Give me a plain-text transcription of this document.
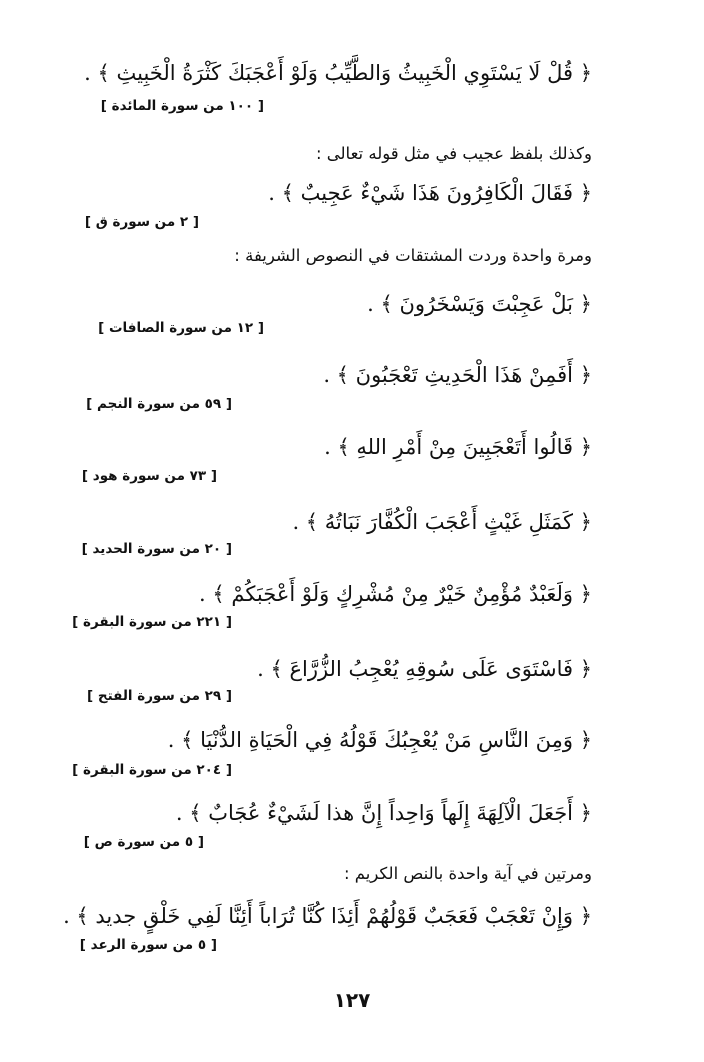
﴿ قُلْ لَا يَسْتَوِي الْخَبِيثُ وَالطَّيِّبُ وَلَوْ أَعْجَبَكَ كَثْرَةُ الْخَبِيثِ ﴾ .
[ ١٠٠ من سورة المائدة ]
وكذلك بلفظ عجيب في مثل قوله تعالى :
﴿ فَقَالَ الْكَافِرُونَ هَذَا شَيْءٌ عَجِيبٌ ﴾ .
[ ٢ من سورة ق ]
ومرة واحدة وردت المشتقات في النصوص الشريفة :
﴿ بَلْ عَجِبْتَ وَيَسْخَرُونَ ﴾ .
[ ١٢ من سورة الصافات ]
﴿ أَفَمِنْ هَذَا الْحَدِيثِ تَعْجَبُونَ ﴾ .
[ ٥٩ من سورة النجم ]
﴿ قَالُوا أَتَعْجَبِينَ مِنْ أَمْرِ اللهِ ﴾ .
[ ٧٣ من سورة هود ]
﴿ كَمَثَلِ غَيْثٍ أَعْجَبَ الْكُفَّارَ نَبَاتُهُ ﴾ .
[ ٢٠ من سورة الحديد ]
﴿ وَلَعَبْدٌ مُؤْمِنٌ خَيْرٌ مِنْ مُشْرِكٍ وَلَوْ أَعْجَبَكُمْ ﴾ .
[ ٢٢١ من سورة البقرة ]
﴿ فَاسْتَوَى عَلَى سُوقِهِ يُعْجِبُ الزُّرَّاعَ ﴾ .
[ ٢٩ من سورة الفتح ]
﴿ وَمِنَ النَّاسِ مَنْ يُعْجِبُكَ قَوْلُهُ فِي الْحَيَاةِ الدُّنْيَا ﴾ .
[ ٢٠٤ من سورة البقرة ]
﴿ أَجَعَلَ الْآلِهَةَ إِلَهاً وَاحِداً إِنَّ هذا لَشَيْءٌ عُجَابٌ ﴾ .
[ ٥ من سورة ص ]
ومرتين في آية واحدة بالنص الكريم :
﴿ وَإِنْ تَعْجَبْ فَعَجَبٌ قَوْلُهُمْ أَئِذَا كُنَّا تُرَاباً أَئِنَّا لَفِي خَلْقٍ جديد ﴾ .
[ ٥ من سورة الرعد ]
١٢٧
